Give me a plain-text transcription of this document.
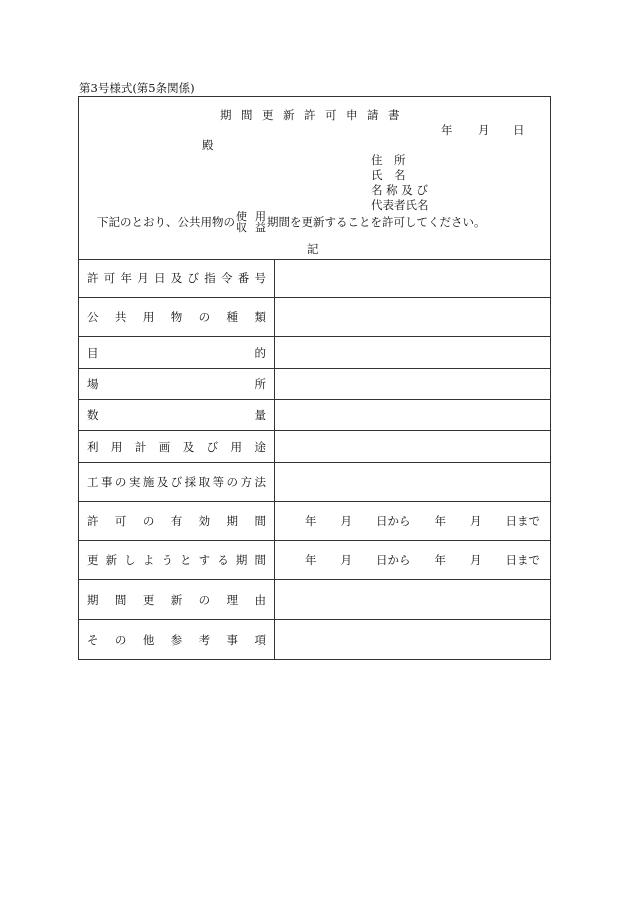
第3号様式(第5条関係)
期間更新許可申請書
年 月 日
殿
住　所
氏　名
名 称 及 び
代表者氏名
下記のとおり、公共用物の 使 用
収 益 期間を更新することを許可してください。
記
許 可 年 月 日 及 び 指 令 番 号
公 共 用 物 の 種 類
目	的
場	所
数	量
利 用 計 画 及 び 用 途
工 事 の 実 施 及 び 採 取 等 の 方 法
許 可 の 有 効 期 間	年 月 日から 年 月 日まで
更 新 し よ う と す る 期 間	年 月 日から 年 月 日まで
期 間 更 新 の 理 由
そ の 他 参 考 事 項
